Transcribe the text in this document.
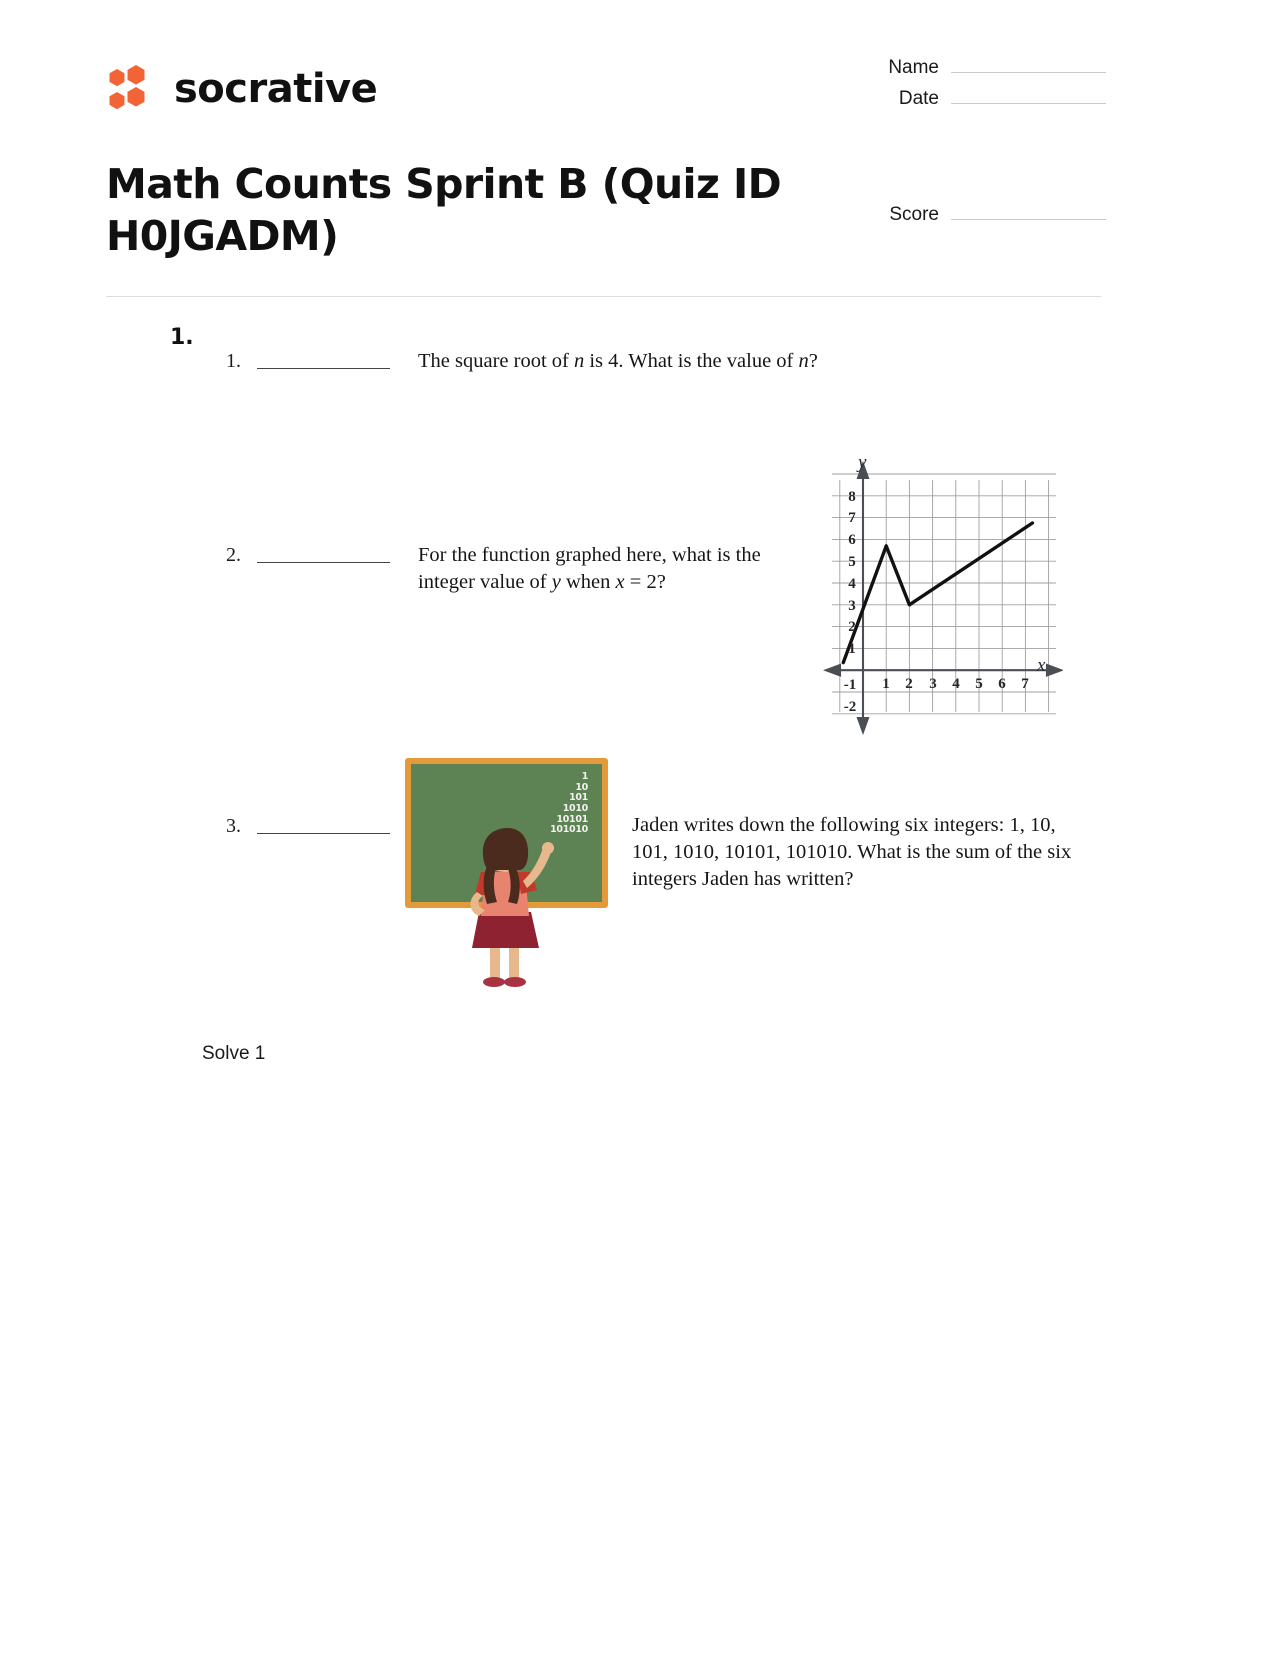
socrative	Name
Date
Score
Math Counts Sprint B (Quiz ID H0JGADM)
1.
1.	The square root of n is 4. What is the value of n?
2.	For the function graphed here, what is the
integer value of y when x = 2?
3.	Jaden writes down the following six integers: 1, 10,
101, 1010, 10101, 101010. What is the sum of the six
integers Jaden has written?
y
x
8
7
6
5
4
3
2
1
-1
-2
1 2 3 4 5 6 7
1
10
101
1010
10101
101010
Solve 1
